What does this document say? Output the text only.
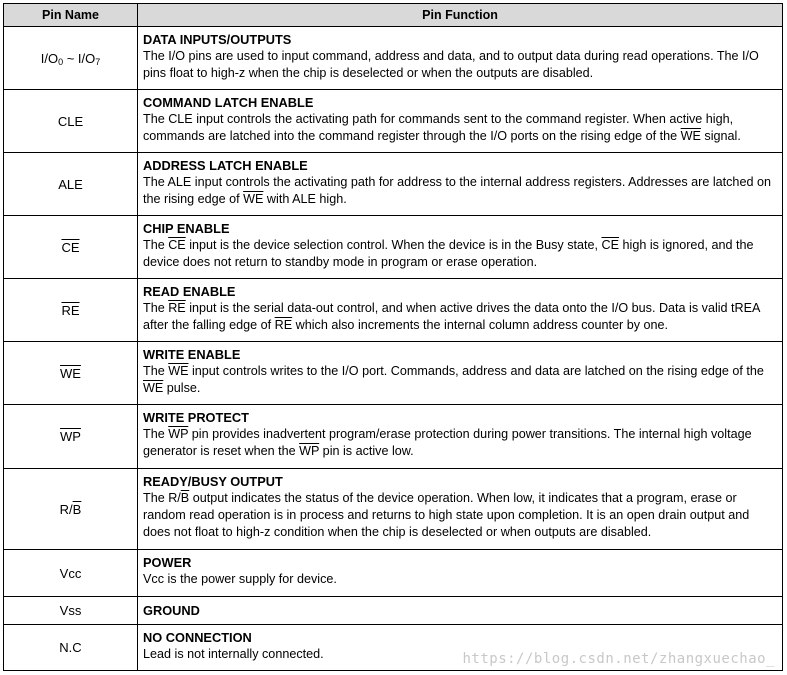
Pin Name	Pin Function
$I/O_0$ ~ $I/O_7$	DATA INPUTS/OUTPUTS
The I/O pins are used to input command, address and data, and to output data during read operations. The I/O pins float to high-z when the chip is deselected or when the outputs are disabled.

CLE	COMMAND LATCH ENABLE
The CLE input controls the activating path for commands sent to the command register. When active high, commands are latched into the command register through the I/O ports on the rising edge of the $\overline{WE}$ signal.

ALE	ADDRESS LATCH ENABLE
The ALE input controls the activating path for address to the internal address registers. Addresses are latched on the rising edge of $\overline{WE}$ with ALE high.

$\overline{CE}$	CHIP ENABLE
The $\overline{CE}$ input is the device selection control. When the device is in the Busy state, $\overline{CE}$ high is ignored, and the device does not return to standby mode in program or erase operation.

$\overline{RE}$	READ ENABLE
The $\overline{RE}$ input is the serial data-out control, and when active drives the data onto the I/O bus. Data is valid tREA after the falling edge of $\overline{RE}$ which also increments the internal column address counter by one.

$\overline{WE}$	WRITE ENABLE
The $\overline{WE}$ input controls writes to the I/O port. Commands, address and data are latched on the rising edge of the $\overline{WE}$ pulse.

$\overline{WP}$	WRITE PROTECT
The $\overline{WP}$ pin provides inadvertent program/erase protection during power transitions. The internal high voltage generator is reset when the $\overline{WP}$ pin is active low.

$R/\overline{B}$	READY/BUSY OUTPUT
The $R/\overline{B}$ output indicates the status of the device operation. When low, it indicates that a program, erase or random read operation is in process and returns to high state upon completion. It is an open drain output and does not float to high-z condition when the chip is deselected or when outputs are disabled.

Vcc	POWER
Vcc is the power supply for device.

Vss	GROUND

N.C	NO CONNECTION
Lead is not internally connected.	https://blog.csdn.net/zhangxuechao_
